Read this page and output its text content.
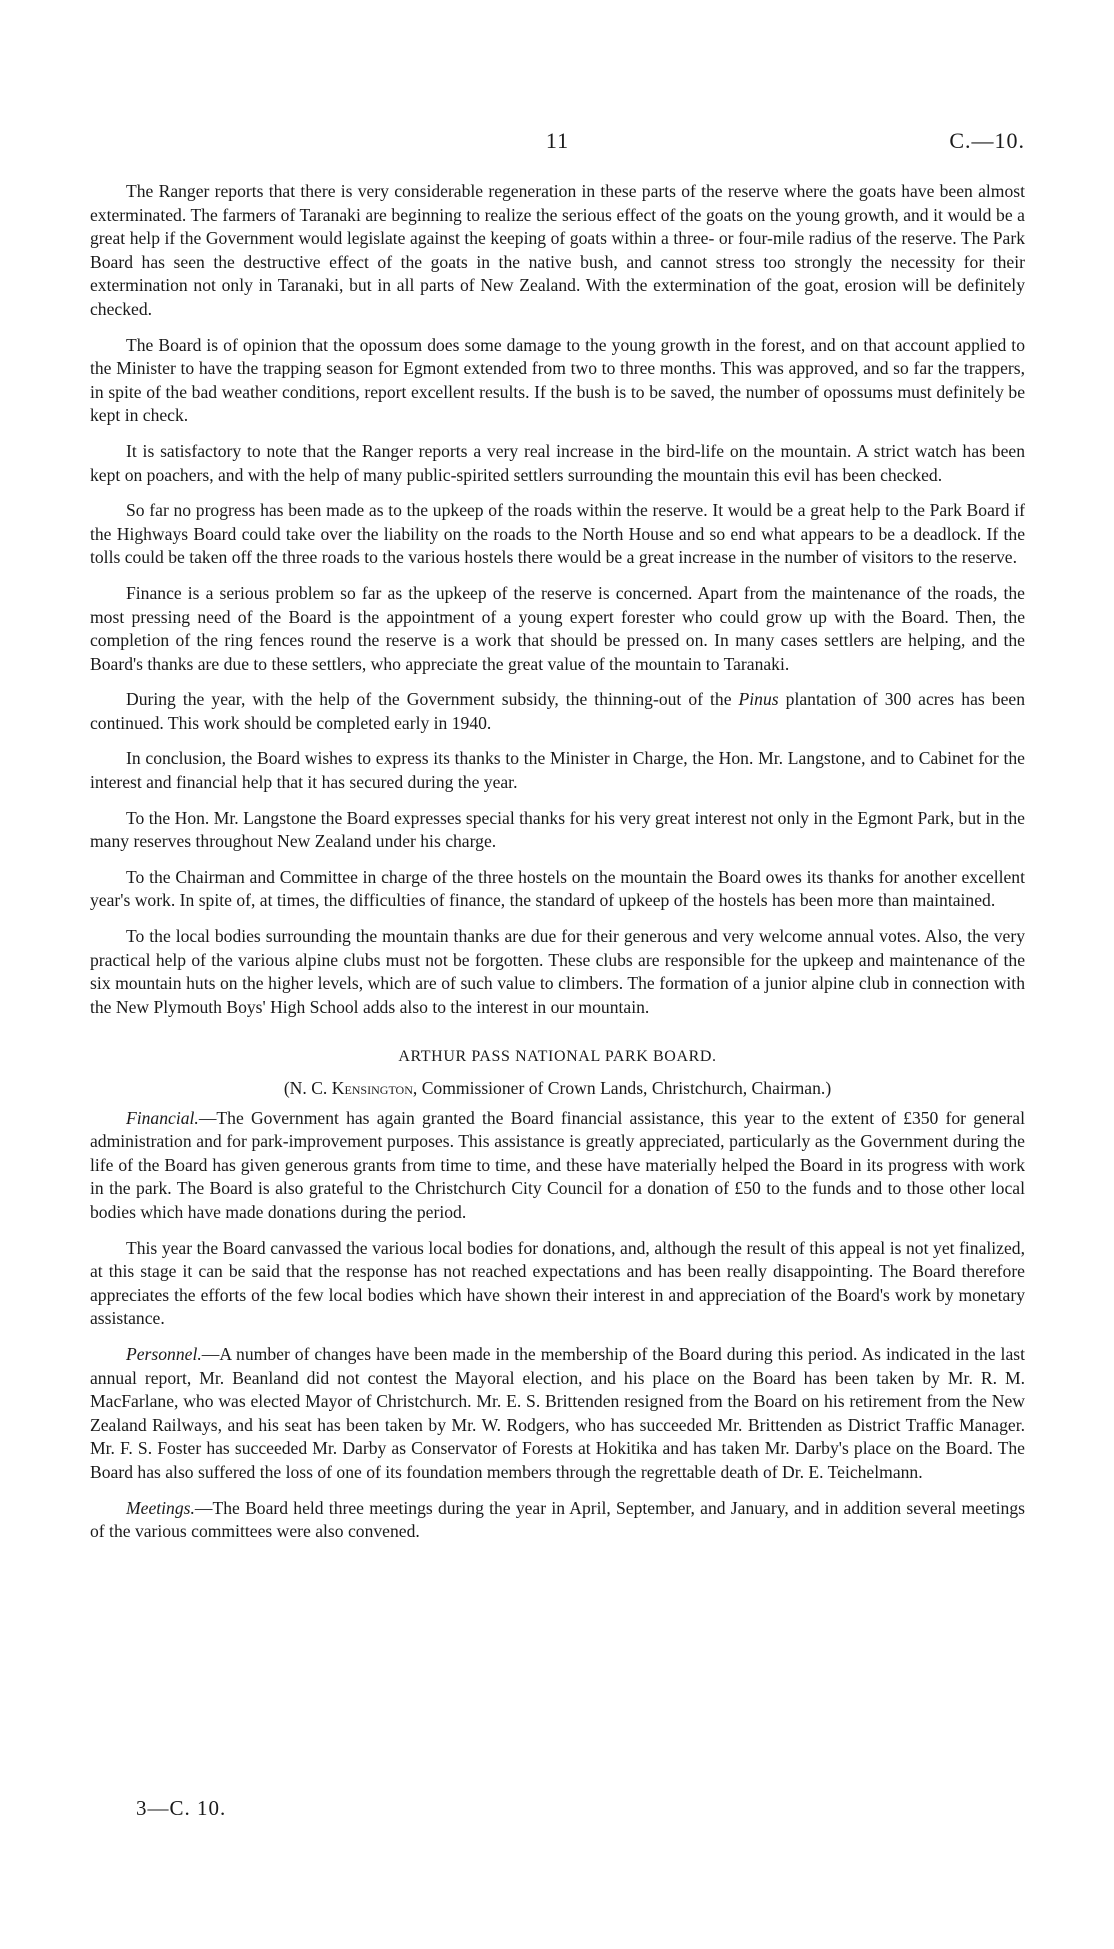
11	C.—10.

The Ranger reports that there is very considerable regeneration in these parts of the reserve where the goats have been almost exterminated. The farmers of Taranaki are beginning to realize the serious effect of the goats on the young growth, and it would be a great help if the Government would legislate against the keeping of goats within a three- or four-mile radius of the reserve. The Park Board has seen the destructive effect of the goats in the native bush, and cannot stress too strongly the necessity for their extermination not only in Taranaki, but in all parts of New Zealand. With the extermination of the goat, erosion will be definitely checked.

The Board is of opinion that the opossum does some damage to the young growth in the forest, and on that account applied to the Minister to have the trapping season for Egmont extended from two to three months. This was approved, and so far the trappers, in spite of the bad weather conditions, report excellent results. If the bush is to be saved, the number of opossums must definitely be kept in check.

It is satisfactory to note that the Ranger reports a very real increase in the bird-life on the mountain. A strict watch has been kept on poachers, and with the help of many public-spirited settlers surrounding the mountain this evil has been checked.

So far no progress has been made as to the upkeep of the roads within the reserve. It would be a great help to the Park Board if the Highways Board could take over the liability on the roads to the North House and so end what appears to be a deadlock. If the tolls could be taken off the three roads to the various hostels there would be a great increase in the number of visitors to the reserve.

Finance is a serious problem so far as the upkeep of the reserve is concerned. Apart from the maintenance of the roads, the most pressing need of the Board is the appointment of a young expert forester who could grow up with the Board. Then, the completion of the ring fences round the reserve is a work that should be pressed on. In many cases settlers are helping, and the Board's thanks are due to these settlers, who appreciate the great value of the mountain to Taranaki.

During the year, with the help of the Government subsidy, the thinning-out of the Pinus plantation of 300 acres has been continued. This work should be completed early in 1940.

In conclusion, the Board wishes to express its thanks to the Minister in Charge, the Hon. Mr. Langstone, and to Cabinet for the interest and financial help that it has secured during the year.

To the Hon. Mr. Langstone the Board expresses special thanks for his very great interest not only in the Egmont Park, but in the many reserves throughout New Zealand under his charge.

To the Chairman and Committee in charge of the three hostels on the mountain the Board owes its thanks for another excellent year's work. In spite of, at times, the difficulties of finance, the standard of upkeep of the hostels has been more than maintained.

To the local bodies surrounding the mountain thanks are due for their generous and very welcome annual votes. Also, the very practical help of the various alpine clubs must not be forgotten. These clubs are responsible for the upkeep and maintenance of the six mountain huts on the higher levels, which are of such value to climbers. The formation of a junior alpine club in connection with the New Plymouth Boys' High School adds also to the interest in our mountain.

ARTHUR PASS NATIONAL PARK BOARD.
(N. C. Kensington, Commissioner of Crown Lands, Christchurch, Chairman.)

Financial.—The Government has again granted the Board financial assistance, this year to the extent of £350 for general administration and for park-improvement purposes. This assistance is greatly appreciated, particularly as the Government during the life of the Board has given generous grants from time to time, and these have materially helped the Board in its progress with work in the park. The Board is also grateful to the Christchurch City Council for a donation of £50 to the funds and to those other local bodies which have made donations during the period.

This year the Board canvassed the various local bodies for donations, and, although the result of this appeal is not yet finalized, at this stage it can be said that the response has not reached expectations and has been really disappointing. The Board therefore appreciates the efforts of the few local bodies which have shown their interest in and appreciation of the Board's work by monetary assistance.

Personnel.—A number of changes have been made in the membership of the Board during this period. As indicated in the last annual report, Mr. Beanland did not contest the Mayoral election, and his place on the Board has been taken by Mr. R. M. MacFarlane, who was elected Mayor of Christchurch. Mr. E. S. Brittenden resigned from the Board on his retirement from the New Zealand Railways, and his seat has been taken by Mr. W. Rodgers, who has succeeded Mr. Brittenden as District Traffic Manager. Mr. F. S. Foster has succeeded Mr. Darby as Conservator of Forests at Hokitika and has taken Mr. Darby's place on the Board. The Board has also suffered the loss of one of its foundation members through the regrettable death of Dr. E. Teichelmann.

Meetings.—The Board held three meetings during the year in April, September, and January, and in addition several meetings of the various committees were also convened.

3—C. 10.
